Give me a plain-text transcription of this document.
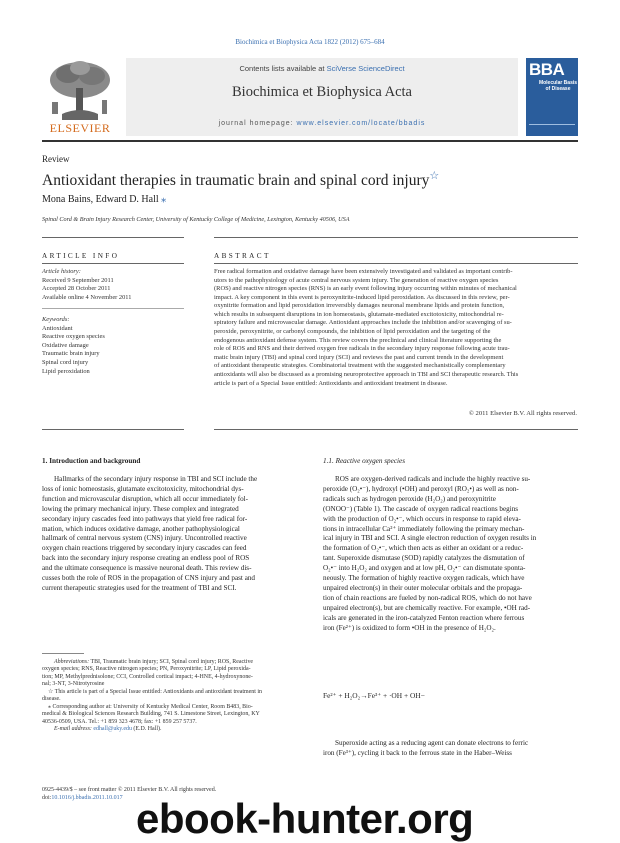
Biochimica et Biophysica Acta 1822 (2012) 675–684
ELSEVIER
Contents lists available at SciVerse ScienceDirect
Biochimica et Biophysica Acta
journal homepage: www.elsevier.com/locate/bbadis
BBA
Molecular Basis of Disease
Review
Antioxidant therapies in traumatic brain and spinal cord injury☆
Mona Bains, Edward D. Hall ⁎
Spinal Cord & Brain Injury Research Center, University of Kentucky College of Medicine, Lexington, Kentucky 40506, USA
ARTICLE INFO	ABSTRACT
Article history:
Received 9 September 2011
Accepted 28 October 2011
Available online 4 November 2011
Keywords:
Antioxidant
Reactive oxygen species
Oxidative damage
Traumatic brain injury
Spinal cord injury
Lipid peroxidation
Free radical formation and oxidative damage have been extensively investigated and validated as important contrib-
utors to the pathophysiology of acute central nervous system injury. The generation of reactive oxygen species
(ROS) and reactive nitrogen species (RNS) is an early event following injury occurring within minutes of mechanical
impact. A key component in this event is peroxynitrite-induced lipid peroxidation. As discussed in this review, per-
oxynitrite formation and lipid peroxidation irreversibly damages neuronal membrane lipids and protein function,
which results in subsequent disruptions in ion homeostasis, glutamate-mediated excitotoxicity, mitochondrial re-
spiratory failure and microvascular damage. Antioxidant approaches include the inhibition and/or scavenging of su-
peroxide, peroxynitrite, or carbonyl compounds, the inhibition of lipid peroxidation and the targeting of the
endogenous antioxidant defense system. This review covers the preclinical and clinical literature supporting the
role of ROS and RNS and their derived oxygen free radicals in the secondary injury response following acute trau-
matic brain injury (TBI) and spinal cord injury (SCI) and reviews the past and current trends in the development
of antioxidant therapeutic strategies. Combinatorial treatment with the suggested mechanistically complementary
antioxidants will also be discussed as a promising neuroprotective approach in TBI and SCI therapeutic research. This
article is part of a Special Issue entitled: Antioxidants and antioxidant treatment in disease.
© 2011 Elsevier B.V. All rights reserved.
1. Introduction and background
Hallmarks of the secondary injury response in TBI and SCI include the
loss of ionic homeostasis, glutamate excitotoxicity, mitochondrial dys-
function and microvascular disruption, which all occur immediately fol-
lowing the primary mechanical injury. These complex and integrated
secondary injury cascades feed into pathways that yield free radical for-
mation, which induces oxidative damage, another pathophysiological
hallmark of central nervous system (CNS) injury. Uncontrolled reactive
oxygen chain reactions triggered by secondary injury cascades can feed
back into the secondary injury response creating an endless pool of ROS
and the ultimate consequence is massive neuronal death. This review dis-
cusses both the role of ROS in the propagation of CNS injury and past and
current therapeutic strategies used for the treatment of TBI and SCI.
Abbreviations: TBI, Traumatic brain injury; SCI, Spinal cord injury; ROS, Reactive
oxygen species; RNS, Reactive nitrogen species; PN, Peroxynitrite; LP, Lipid peroxida-
tion; MP, Methylprednisolone; CCI, Controlled cortical impact; 4-HNE, 4-hydroxynone-
nal; 3-NT, 3-Nitrotyrosine
☆ This article is part of a Special Issue entitled: Antioxidants and antioxidant treatment in
disease.
⁎ Corresponding author at: University of Kentucky Medical Center, Room B483, Bio-
medical & Biological Sciences Research Building, 741 S. Limestone Street, Lexington, KY
40536-0509, USA. Tel.: +1 859 323 4678; fax: +1 859 257 5737.
E-mail address: edhall@uky.edu (E.D. Hall).
0925-4439/$ – see front matter © 2011 Elsevier B.V. All rights reserved.
doi:10.1016/j.bbadis.2011.10.017
1.1. Reactive oxygen species
ROS are oxygen-derived radicals and include the highly reactive su-
peroxide (O₂•⁻), hydroxyl (•OH) and peroxyl (RO₂•) as well as non-
radicals such as hydrogen peroxide (H₂O₂) and peroxynitrite
(ONOO⁻) (Table 1). The cascade of oxygen radical reactions begins
with the production of O₂•⁻, which occurs in response to rapid eleva-
tions in intracellular Ca²⁺ immediately following the primary mechan-
ical injury in TBI and SCI. A single electron reduction of oxygen results in
the formation of O₂•⁻, which then acts as either an oxidant or a reduc-
tant. Superoxide dismutase (SOD) rapidly catalyzes the dismutation of
O₂•⁻ into H₂O₂ and oxygen and at low pH, O₂•⁻ can dismutate sponta-
neously. The formation of highly reactive oxygen radicals, which have
unpaired electron(s) in their outer molecular orbitals and the propaga-
tion of chain reactions are fueled by non-radical ROS, which do not have
unpaired electron(s), but are chemically reactive. For example, •OH rad-
icals are generated in the iron-catalyzed Fenton reaction where ferrous
iron (Fe²⁺) is oxidized to form •OH in the presence of H₂O₂.
Fe²⁺ + H₂O₂→Fe³⁺ + ·OH + OH−
Superoxide acting as a reducing agent can donate electrons to ferric
iron (Fe³⁺), cycling it back to the ferrous state in the Haber–Weiss
ebook-hunter.org
